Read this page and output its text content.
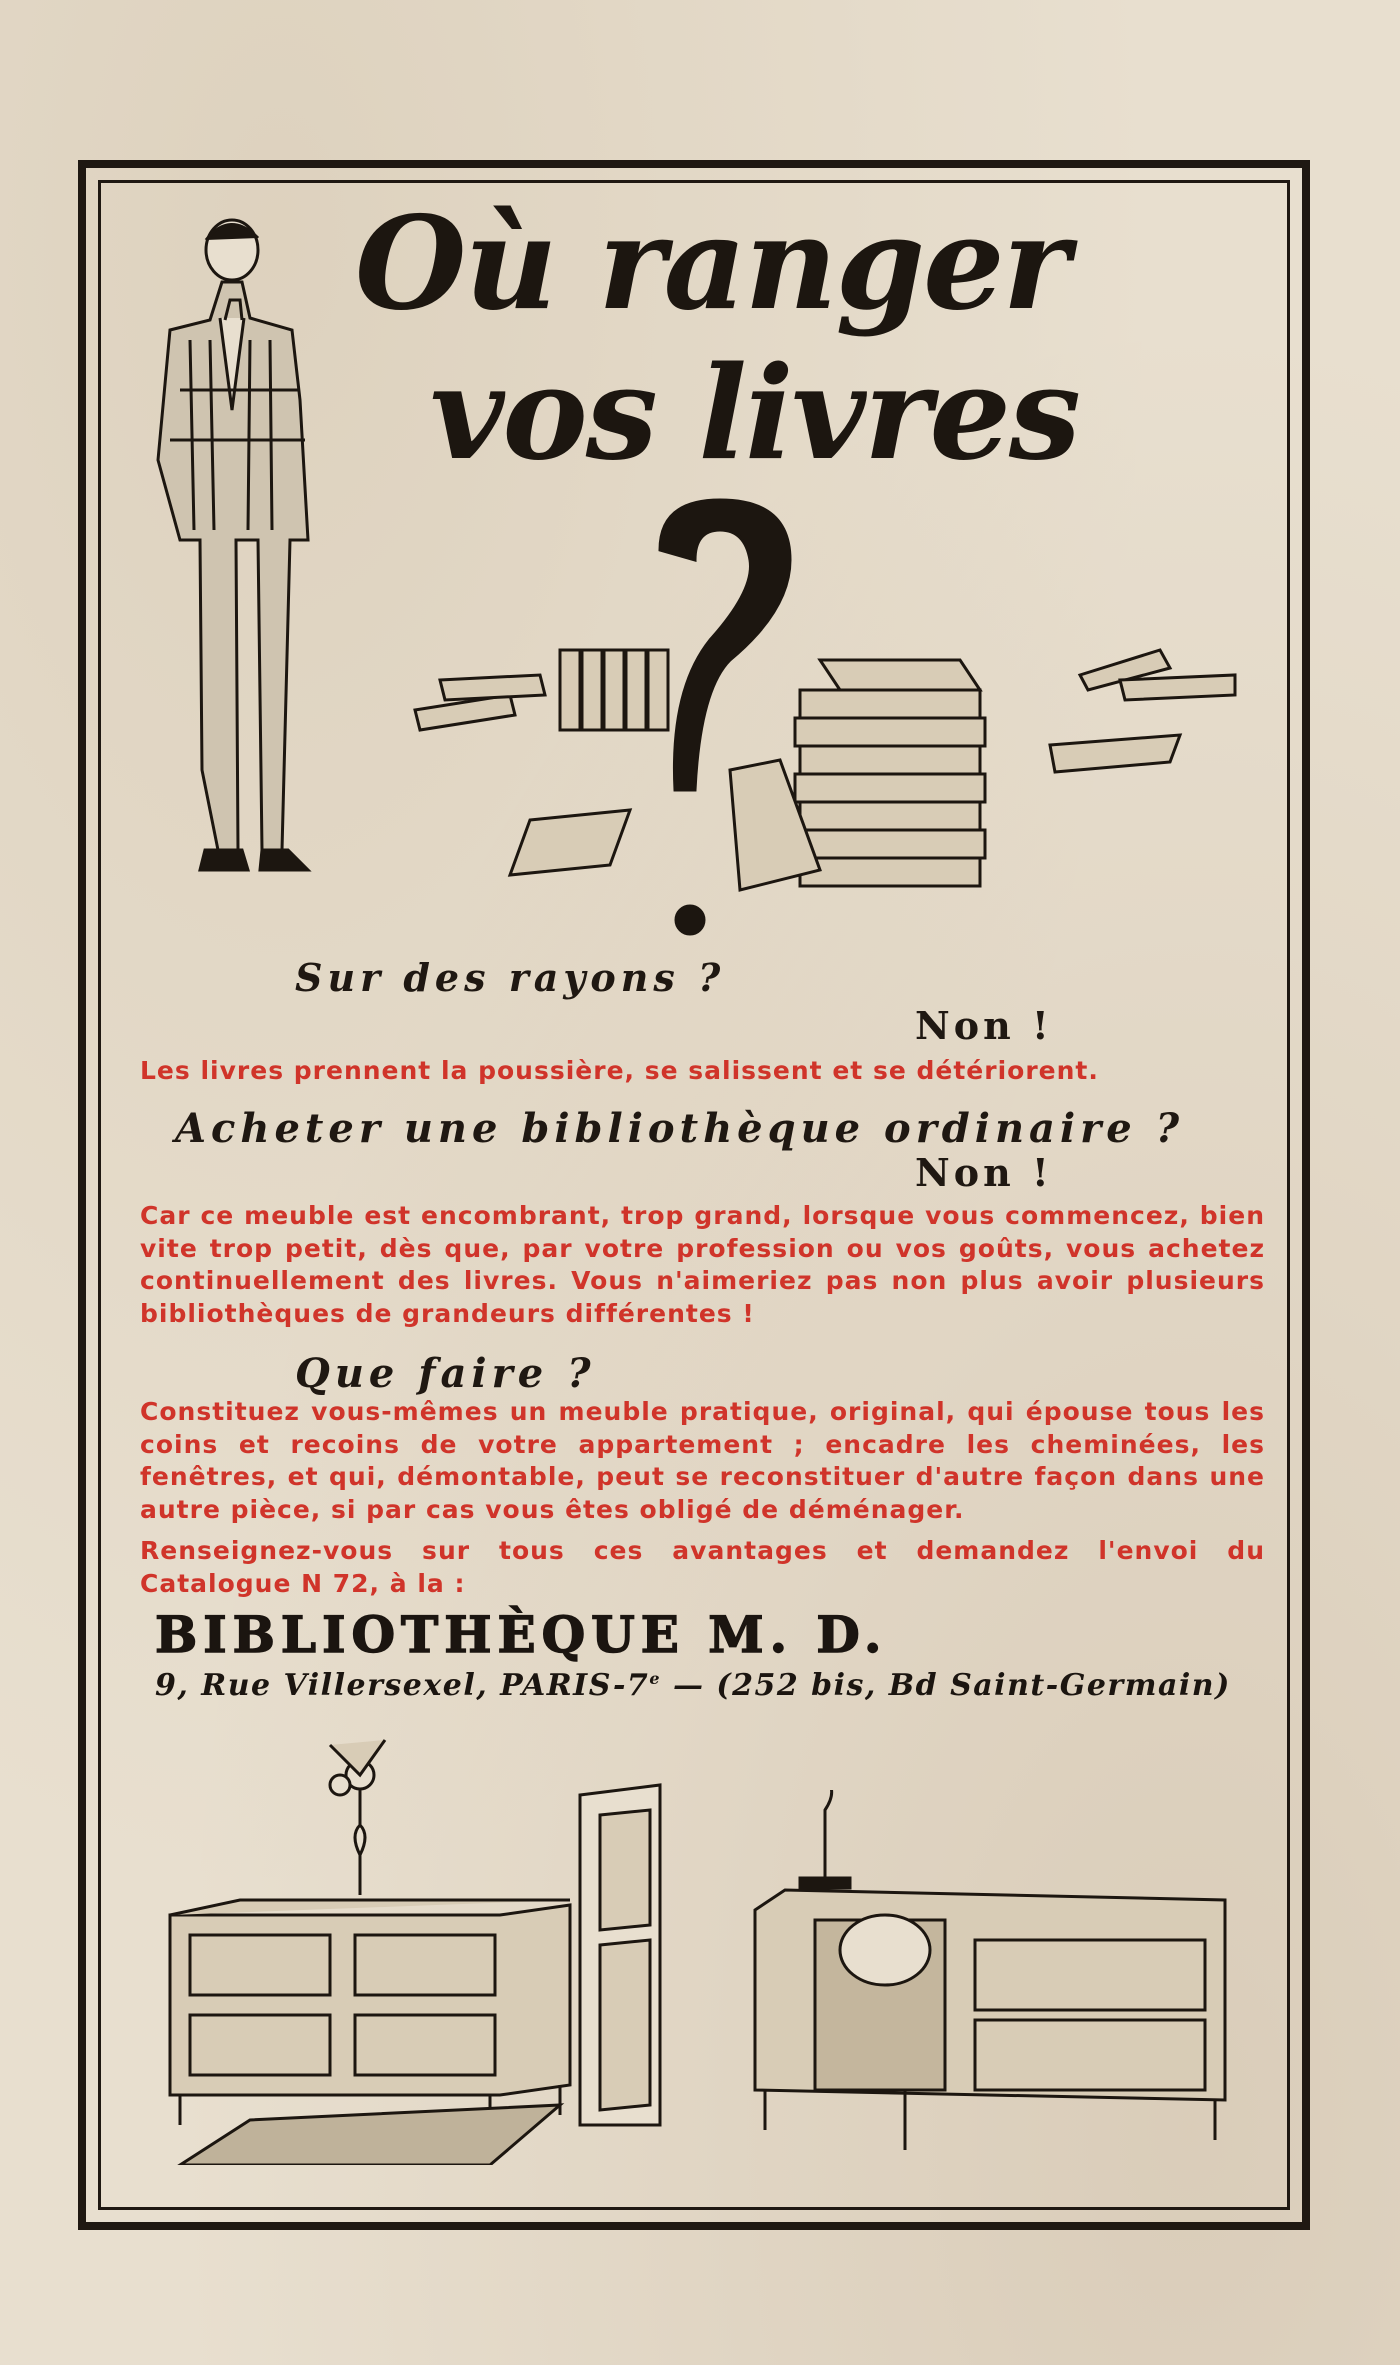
Où ranger
vos livres
Sur des rayons ?
Non !
Les livres prennent la poussière, se salissent et se détériorent.
Acheter une bibliothèque ordinaire ?
Non !
Car ce meuble est encombrant, trop grand, lorsque vous commencez, bien vite trop petit, dès que, par votre profession ou vos goûts, vous achetez continuellement des livres. Vous n'aimeriez pas non plus avoir plusieurs bibliothèques de grandeurs différentes !
Que faire ?
Constituez vous-mêmes un meuble pratique, original, qui épouse tous les coins et recoins de votre appartement ; encadre les cheminées, les fenêtres, et qui, démontable, peut se reconstituer d'autre façon dans une autre pièce, si par cas vous êtes obligé de déménager.
Renseignez-vous sur tous ces avantages et demandez l'envoi du Catalogue N 72, à la :
BIBLIOTHÈQUE M. D.
9, Rue Villersexel, PARIS-7e — (252 bis, Bd Saint-Germain)
